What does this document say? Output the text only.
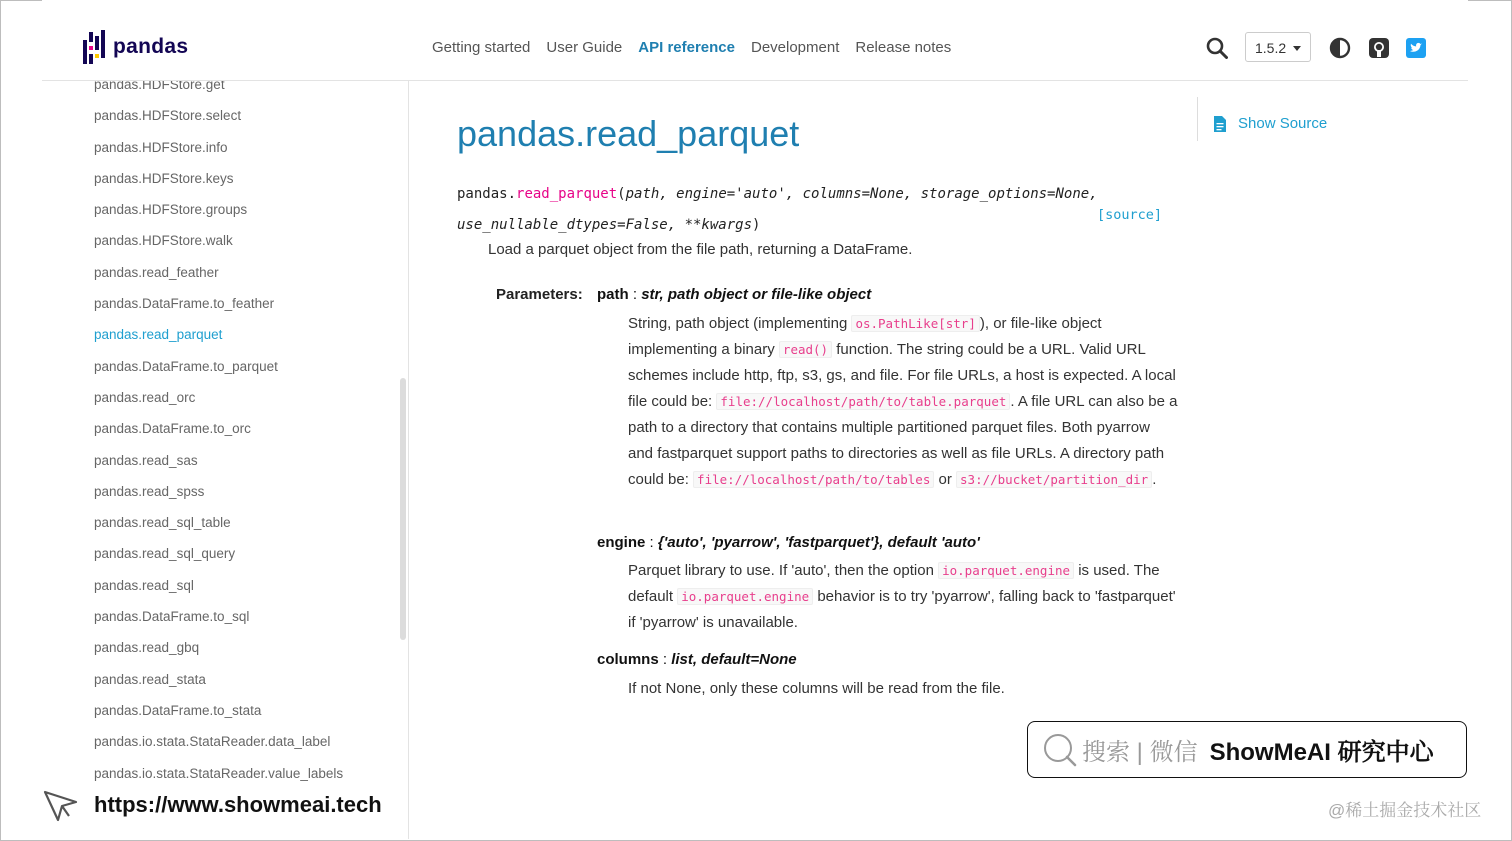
pandas	Getting started User Guide API reference Development Release notes	1.5.2
pandas.HDFStore.get
pandas.HDFStore.select
pandas.HDFStore.info
pandas.HDFStore.keys
pandas.HDFStore.groups
pandas.HDFStore.walk
pandas.read_feather
pandas.DataFrame.to_feather
pandas.read_parquet
pandas.DataFrame.to_parquet
pandas.read_orc
pandas.DataFrame.to_orc
pandas.read_sas
pandas.read_spss
pandas.read_sql_table
pandas.read_sql_query
pandas.read_sql
pandas.DataFrame.to_sql
pandas.read_gbq
pandas.read_stata
pandas.DataFrame.to_stata
pandas.io.stata.StataReader.data_label
pandas.io.stata.StataReader.value_labels
https://www.showmeai.tech
pandas.read_parquet
pandas.read_parquet(path, engine='auto', columns=None, storage_options=None,
use_nullable_dtypes=False, **kwargs)
[source]
Load a parquet object from the file path, returning a DataFrame.
Parameters: path : str, path object or file-like object
String, path object (implementing os.PathLike[str] ), or file-like object implementing a binary read() function. The string could be a URL. Valid URL schemes include http, ftp, s3, gs, and file. For file URLs, a host is expected. A local file could be: file://localhost/path/to/table.parquet . A file URL can also be a path to a directory that contains multiple partitioned parquet files. Both pyarrow and fastparquet support paths to directories as well as file URLs. A directory path could be: file://localhost/path/to/tables or s3://bucket/partition_dir .
engine : {'auto', 'pyarrow', 'fastparquet'}, default 'auto'
Parquet library to use. If 'auto', then the option io.parquet.engine is used. The default io.parquet.engine behavior is to try 'pyarrow', falling back to 'fastparquet' if 'pyarrow' is unavailable.
columns : list, default=None
If not None, only these columns will be read from the file.
Show Source
搜索 | 微信 ShowMeAI 研究中心
@稀土掘金技术社区
